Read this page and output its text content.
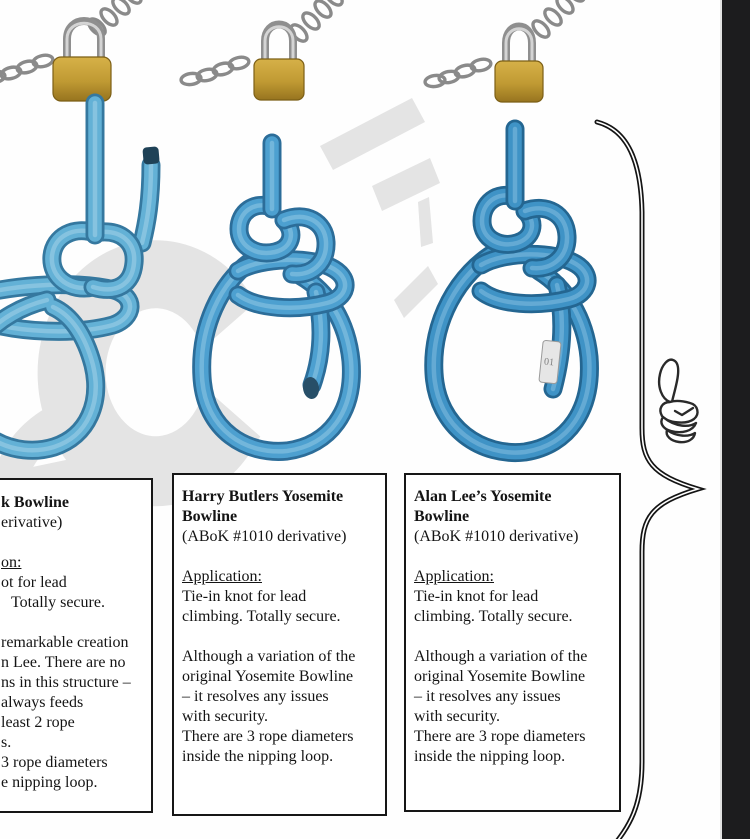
01
k Bowline
erivative)
on:
ot for lead
Totally secure.
remarkable creation
n Lee. There are no
ns in this structure –
always feeds
least 2 rope
s.
3 rope diameters
e nipping loop.
Harry Butlers Yosemite
Bowline
(ABoK #1010 derivative)
Application:
Tie-in knot for lead
climbing. Totally secure.
Although a variation of the
original Yosemite Bowline
– it resolves any issues
with security.
There are 3 rope diameters
inside the nipping loop.
Alan Lee’s Yosemite
Bowline
(ABoK #1010 derivative)
Application:
Tie-in knot for lead
climbing. Totally secure.
Although a variation of the
original Yosemite Bowline
– it resolves any issues
with security.
There are 3 rope diameters
inside the nipping loop.
